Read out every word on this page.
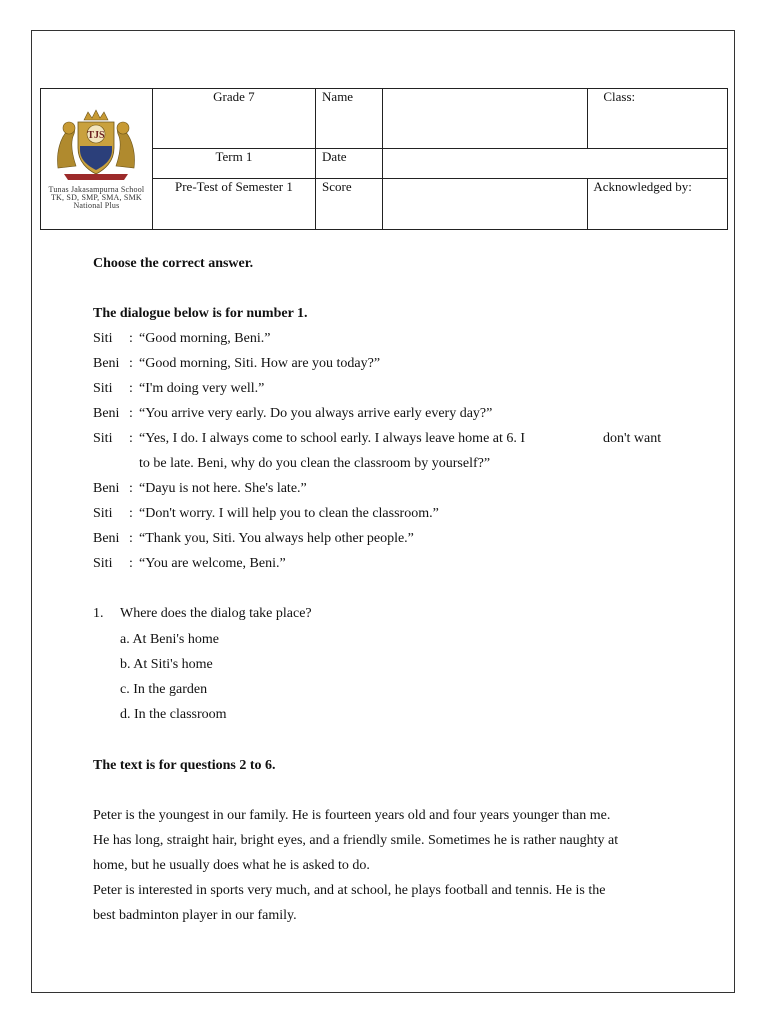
TJS
Tunas Jakasampurna School
TK, SD, SMP, SMA, SMK
National Plus	Grade 7	Name		Class:
	Term 1	Date		
	Pre-Test of Semester 1	Score		Acknowledged by:
Choose the correct answer.
The dialogue below is for number 1.
Siti : “Good morning, Beni.”
Beni : “Good morning, Siti. How are you today?”
Siti : “I'm doing very well.”
Beni : “You arrive very early. Do you always arrive early every day?”
Siti : “Yes, I do. I always come to school early. I always leave home at 6. I	don't want
to be late. Beni, why do you clean the classroom by yourself?”
Beni : “Dayu is not here. She's late.”
Siti : “Don't worry. I will help you to clean the classroom.”
Beni : “Thank you, Siti. You always help other people.”
Siti : “You are welcome, Beni.”
1. Where does the dialog take place?
a. At Beni's home
b. At Siti's home
c. In the garden
d. In the classroom
The text is for questions 2 to 6.
Peter is the youngest in our family. He is fourteen years old and four years younger than me.
He has long, straight hair, bright eyes, and a friendly smile. Sometimes he is rather naughty at
home, but he usually does what he is asked to do.
Peter is interested in sports very much, and at school, he plays football and tennis. He is the
best badminton player in our family.
